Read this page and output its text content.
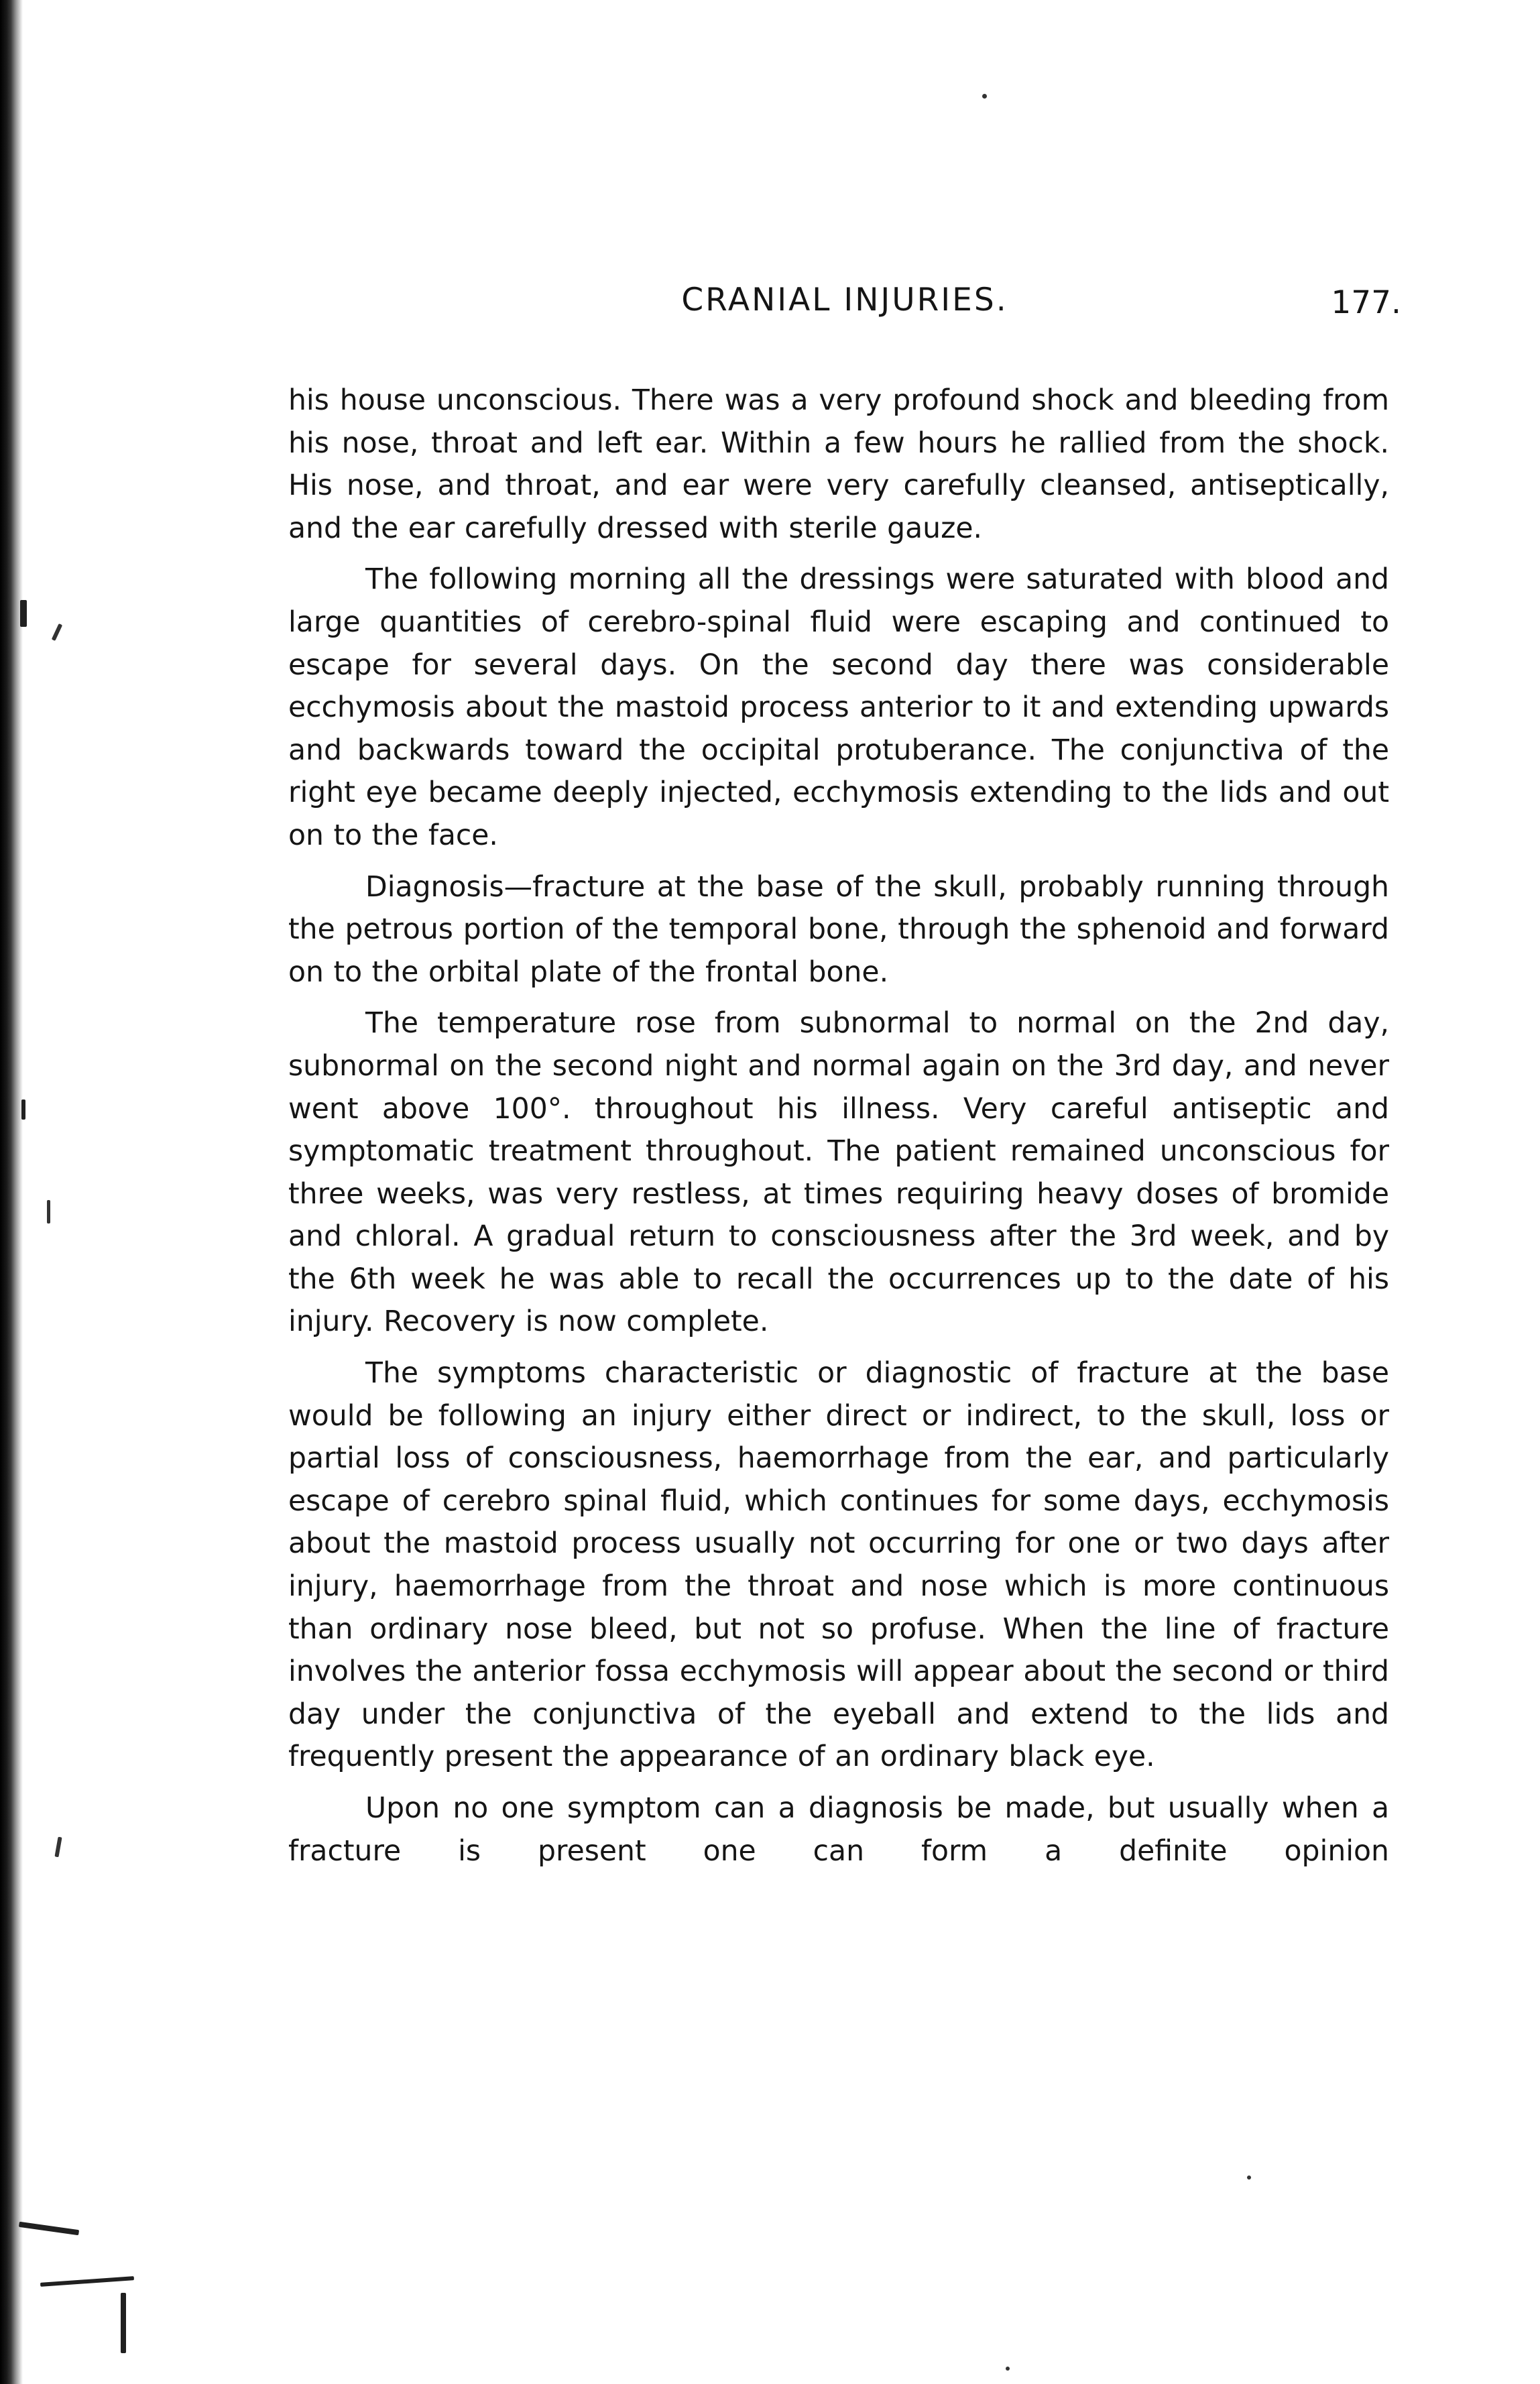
CRANIAL INJURIES.	177.

his house unconscious. There was a very profound shock and bleeding from his nose, throat and left ear. Within a few hours he rallied from the shock. His nose, and throat, and ear were very carefully cleansed, antiseptically, and the ear carefully dressed with sterile gauze.

The following morning all the dressings were saturated with blood and large quantities of cerebro-spinal fluid were escaping and continued to escape for several days. On the second day there was considerable ecchymosis about the mastoid process anterior to it and extending upwards and backwards toward the occipital protuberance. The conjunctiva of the right eye became deeply injected, ecchymosis extending to the lids and out on to the face.

Diagnosis—fracture at the base of the skull, probably running through the petrous portion of the temporal bone, through the sphenoid and forward on to the orbital plate of the frontal bone.

The temperature rose from subnormal to normal on the 2nd day, subnormal on the second night and normal again on the 3rd day, and never went above 100°. throughout his illness. Very careful antiseptic and symptomatic treatment throughout. The patient remained unconscious for three weeks, was very restless, at times requiring heavy doses of bromide and chloral. A gradual return to consciousness after the 3rd week, and by the 6th week he was able to recall the occurrences up to the date of his injury. Recovery is now complete.

The symptoms characteristic or diagnostic of fracture at the base would be following an injury either direct or indirect, to the skull, loss or partial loss of consciousness, haemorrhage from the ear, and particularly escape of cerebro spinal fluid, which continues for some days, ecchymosis about the mastoid process usually not occurring for one or two days after injury, haemorrhage from the throat and nose which is more continuous than ordinary nose bleed, but not so profuse. When the line of fracture involves the anterior fossa ecchymosis will appear about the second or third day under the conjunctiva of the eyeball and extend to the lids and frequently present the appearance of an ordinary black eye.

Upon no one symptom can a diagnosis be made, but usually when a fracture is present one can form a definite opinion
